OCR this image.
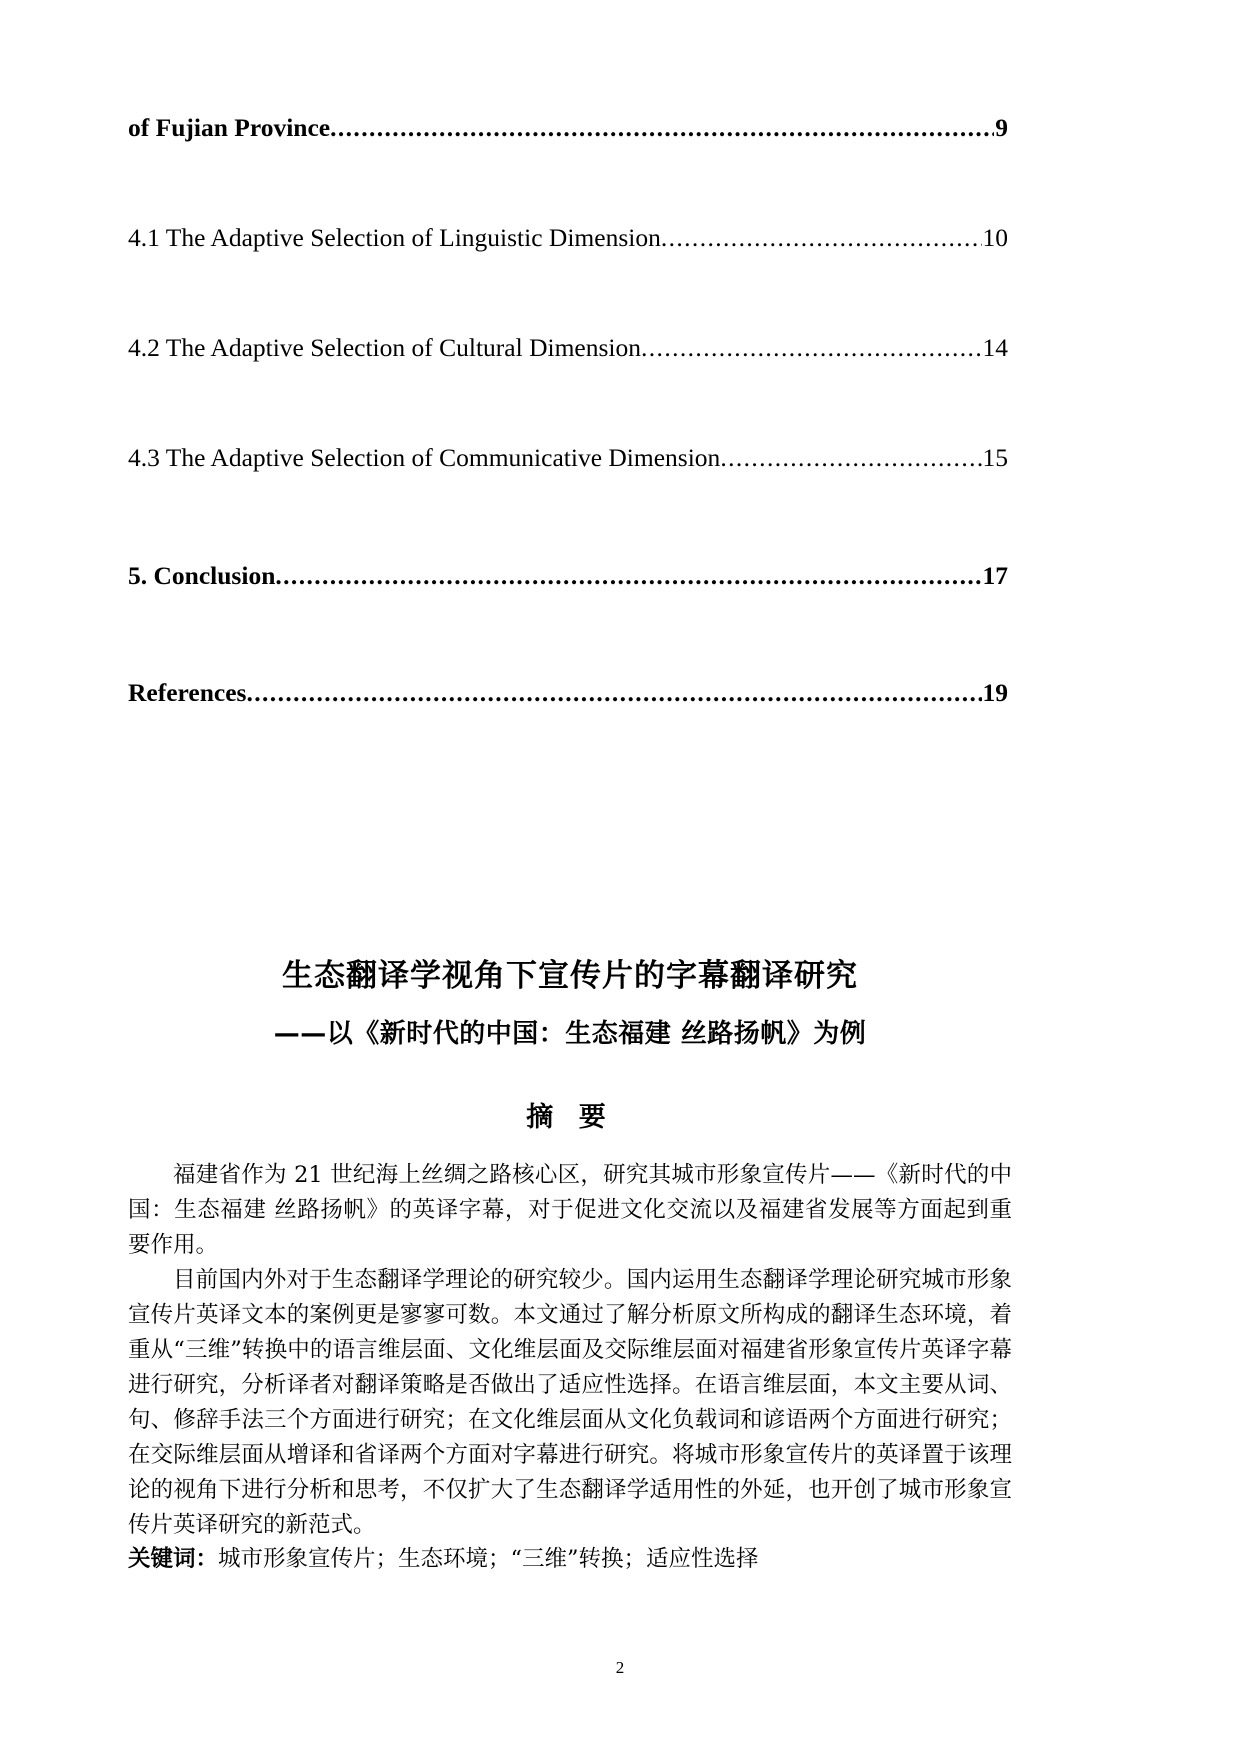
of Fujian Province .....	9
4.1 The Adaptive Selection of Linguistic Dimension .....	10
4.2 The Adaptive Selection of Cultural Dimension .....	14
4.3 The Adaptive Selection of Communicative Dimension .....	15
5. Conclusion .....	17
References .....	19
生态翻译学视角下宣传片的字幕翻译研究
——以《新时代的中国：生态福建 丝路扬帆》为例
摘 要

福建省作为 21 世纪海上丝绸之路核心区，研究其城市形象宣传片——《新时代的中国：生态福建 丝路扬帆》的英译字幕，对于促进文化交流以及福建省发展等方面起到重要作用。

目前国内外对于生态翻译学理论的研究较少。国内运用生态翻译学理论研究城市形象宣传片英译文本的案例更是寥寥可数。本文通过了解分析原文所构成的翻译生态环境，着重从“三维”转换中的语言维层面、文化维层面及交际维层面对福建省形象宣传片英译字幕进行研究，分析译者对翻译策略是否做出了适应性选择。在语言维层面，本文主要从词、句、修辞手法三个方面进行研究；在文化维层面从文化负载词和谚语两个方面进行研究；在交际维层面从增译和省译两个方面对字幕进行研究。将城市形象宣传片的英译置于该理论的视角下进行分析和思考，不仅扩大了生态翻译学适用性的外延，也开创了城市形象宣传片英译研究的新范式。

关键词：城市形象宣传片；生态环境；“三维”转换；适应性选择
2
